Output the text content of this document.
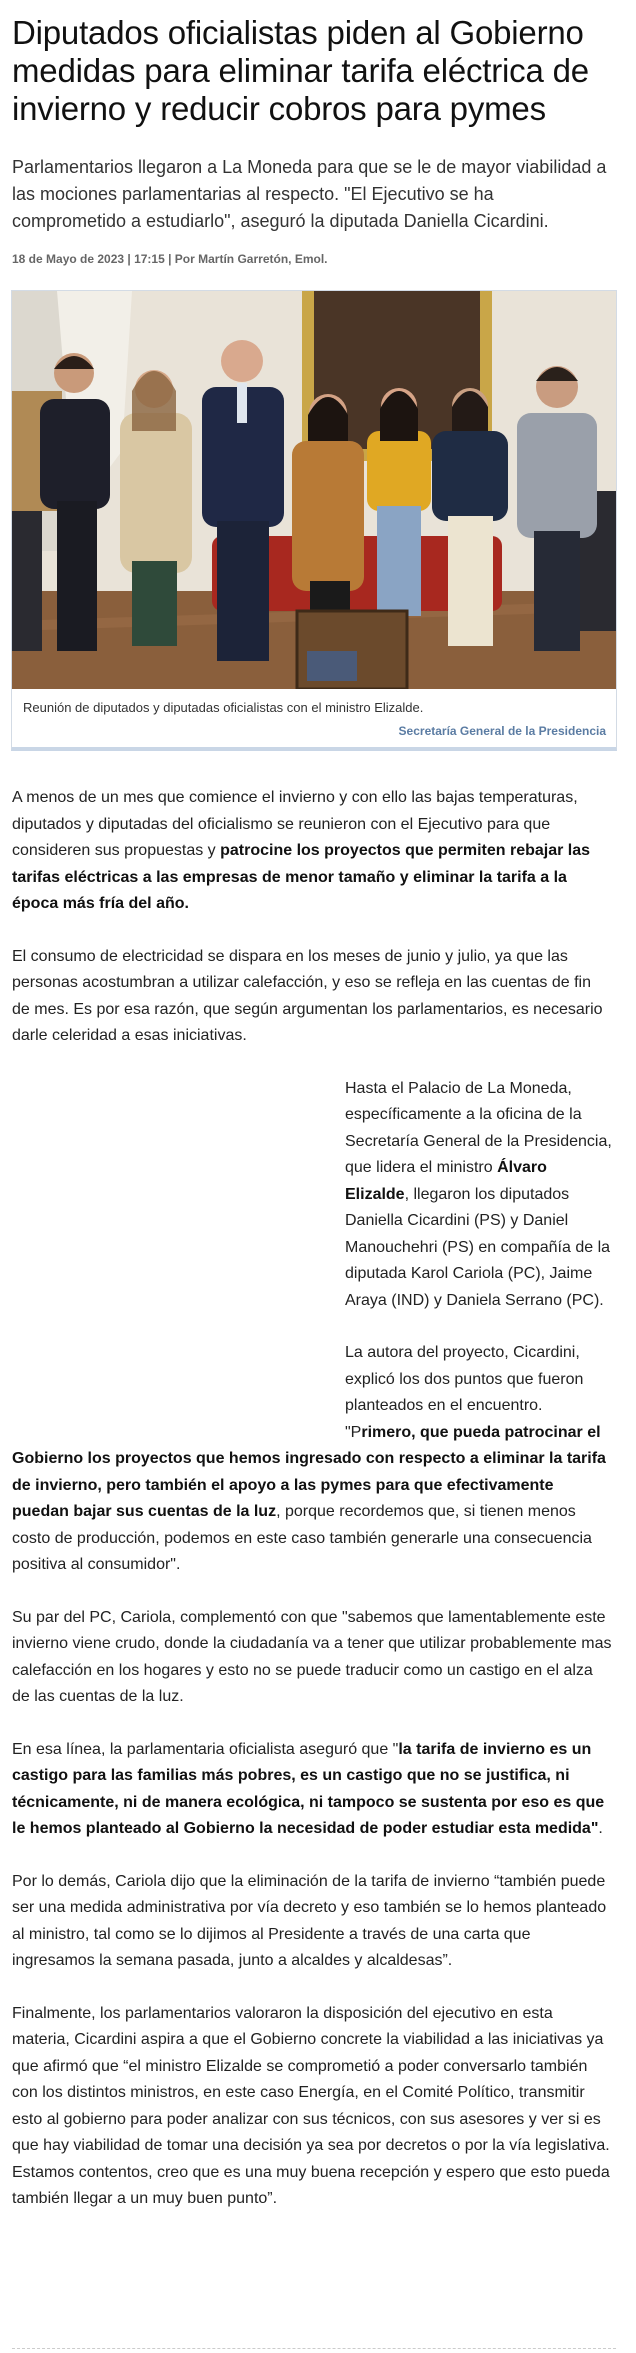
Diputados oficialistas piden al Gobierno medidas para eliminar tarifa eléctrica de invierno y reducir cobros para pymes

Parlamentarios llegaron a La Moneda para que se le de mayor viabilidad a las mociones parlamentarias al respecto. "El Ejecutivo se ha comprometido a estudiarlo", aseguró la diputada Daniella Cicardini.

18 de Mayo de 2023 | 17:15 | Por Martín Garretón, Emol.
Reunión de diputados y diputadas oficialistas con el ministro Elizalde.
Secretaría General de la Presidencia

A menos de un mes que comience el invierno y con ello las bajas temperaturas, diputados y diputadas del oficialismo se reunieron con el Ejecutivo para que consideren sus propuestas y patrocine los proyectos que permiten rebajar las tarifas eléctricas a las empresas de menor tamaño y eliminar la tarifa a la época más fría del año.

El consumo de electricidad se dispara en los meses de junio y julio, ya que las personas acostumbran a utilizar calefacción, y eso se refleja en las cuentas de fin de mes. Es por esa razón, que según argumentan los parlamentarios, es necesario darle celeridad a esas iniciativas.

Hasta el Palacio de La Moneda, específicamente a la oficina de la Secretaría General de la Presidencia, que lidera el ministro Álvaro Elizalde, llegaron los diputados Daniella Cicardini (PS) y Daniel Manouchehri (PS) en compañía de la diputada Karol Cariola (PC), Jaime Araya (IND) y Daniela Serrano (PC).

La autora del proyecto, Cicardini, explicó los dos puntos que fueron planteados en el encuentro. "Primero, que pueda patrocinar el Gobierno los proyectos que hemos ingresado con respecto a eliminar la tarifa de invierno, pero también el apoyo a las pymes para que efectivamente puedan bajar sus cuentas de la luz, porque recordemos que, si tienen menos costo de producción, podemos en este caso también generarle una consecuencia positiva al consumidor".

Su par del PC, Cariola, complementó con que "sabemos que lamentablemente este invierno viene crudo, donde la ciudadanía va a tener que utilizar probablemente mas calefacción en los hogares y esto no se puede traducir como un castigo en el alza de las cuentas de la luz.

En esa línea, la parlamentaria oficialista aseguró que "la tarifa de invierno es un castigo para las familias más pobres, es un castigo que no se justifica, ni técnicamente, ni de manera ecológica, ni tampoco se sustenta por eso es que le hemos planteado al Gobierno la necesidad de poder estudiar esta medida".

Por lo demás, Cariola dijo que la eliminación de la tarifa de invierno “también puede ser una medida administrativa por vía decreto y eso también se lo hemos planteado al ministro, tal como se lo dijimos al Presidente a través de una carta que ingresamos la semana pasada, junto a alcaldes y alcaldesas”.

Finalmente, los parlamentarios valoraron la disposición del ejecutivo en esta materia, Cicardini aspira a que el Gobierno concrete la viabilidad a las iniciativas ya que afirmó que “el ministro Elizalde se comprometió a poder conversarlo también con los distintos ministros, en este caso Energía, en el Comité Político, transmitir esto al gobierno para poder analizar con sus técnicos, con sus asesores y ver si es que hay viabilidad de tomar una decisión ya sea por decretos o por la vía legislativa. Estamos contentos, creo que es una muy buena recepción y espero que esto pueda también llegar a un muy buen punto”.
